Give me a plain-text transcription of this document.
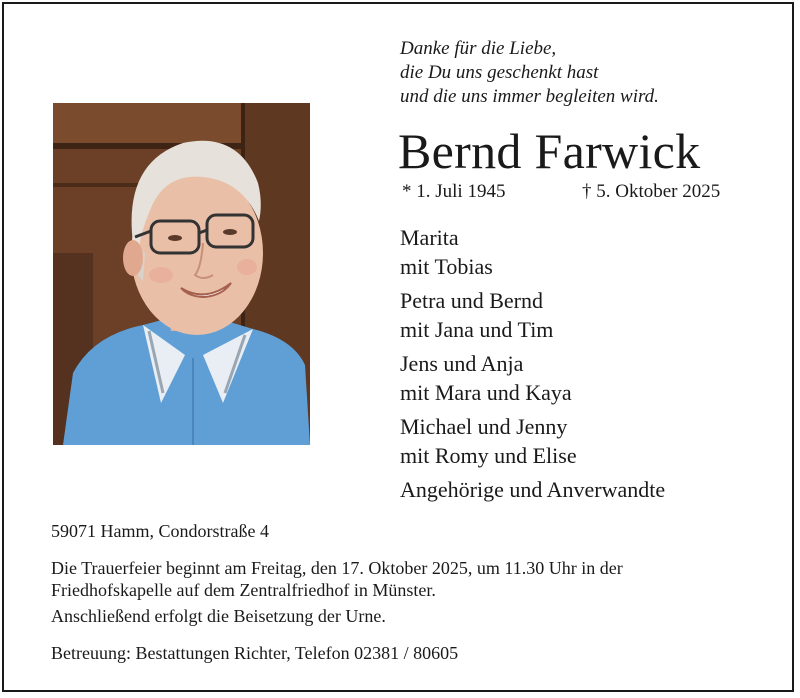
Danke für die Liebe,
die Du uns geschenkt hast
und die uns immer begleiten wird.
Bernd Farwick
* 1. Juli 1945	† 5. Oktober 2025
Marita
mit Tobias
Petra und Bernd
mit Jana und Tim
Jens und Anja
mit Mara und Kaya
Michael und Jenny
mit Romy und Elise
Angehörige und Anverwandte
59071 Hamm, Condorstraße 4
Die Trauerfeier beginnt am Freitag, den 17. Oktober 2025, um 11.30 Uhr in der
Friedhofskapelle auf dem Zentralfriedhof in Münster.
Anschließend erfolgt die Beisetzung der Urne.
Betreuung: Bestattungen Richter, Telefon 02381 / 80605
